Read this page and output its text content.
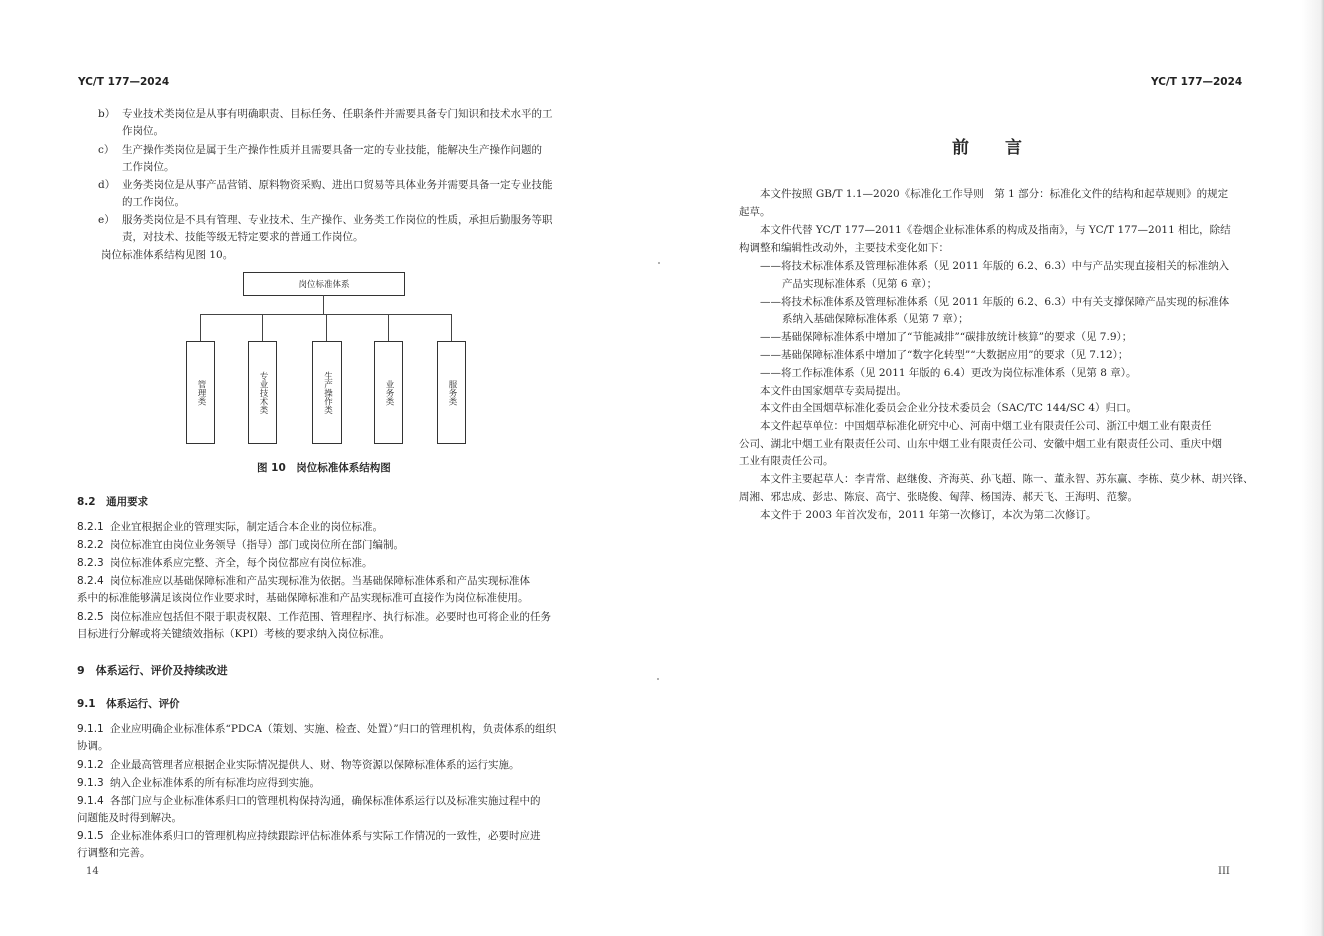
YC/T 177—2024
b） 专业技术类岗位是从事有明确职责、目标任务、任职条件并需要具备专门知识和技术水平的工
作岗位。
c） 生产操作类岗位是属于生产操作性质并且需要具备一定的专业技能，能解决生产操作问题的
工作岗位。
d） 业务类岗位是从事产品营销、原料物资采购、进出口贸易等具体业务并需要具备一定专业技能
的工作岗位。
e） 服务类岗位是不具有管理、专业技术、生产操作、业务类工作岗位的性质，承担后勤服务等职
责，对技术、技能等级无特定要求的普通工作岗位。
岗位标准体系结构见图 10。
岗位标准体系
管理类	专业技术类	生产操作类	业务类	服务类
图 10　岗位标准体系结构图
8.2　通用要求
8.2.1 企业宜根据企业的管理实际，制定适合本企业的岗位标准。
8.2.2 岗位标准宜由岗位业务领导（指导）部门或岗位所在部门编制。
8.2.3 岗位标准体系应完整、齐全，每个岗位都应有岗位标准。
8.2.4 岗位标准应以基础保障标准和产品实现标准为依据。当基础保障标准体系和产品实现标准体
系中的标准能够满足该岗位作业要求时，基础保障标准和产品实现标准可直接作为岗位标准使用。
8.2.5 岗位标准应包括但不限于职责权限、工作范围、管理程序、执行标准。必要时也可将企业的任务
目标进行分解或将关键绩效指标（KPI）考核的要求纳入岗位标准。
9　体系运行、评价及持续改进
9.1　体系运行、评价
9.1.1 企业应明确企业标准体系“PDCA（策划、实施、检查、处置）”归口的管理机构，负责体系的组织
协调。
9.1.2 企业最高管理者应根据企业实际情况提供人、财、物等资源以保障标准体系的运行实施。
9.1.3 纳入企业标准体系的所有标准均应得到实施。
9.1.4 各部门应与企业标准体系归口的管理机构保持沟通，确保标准体系运行以及标准实施过程中的
问题能及时得到解决。
9.1.5 企业标准体系归口的管理机构应持续跟踪评估标准体系与实际工作情况的一致性，必要时应进
行调整和完善。
14
YC/T 177—2024
前言
本文件按照 GB/T 1.1—2020《标准化工作导则　第 1 部分：标准化文件的结构和起草规则》的规定
起草。
本文件代替 YC/T 177—2011《卷烟企业标准体系的构成及指南》，与 YC/T 177—2011 相比，除结
构调整和编辑性改动外，主要技术变化如下：
——将技术标准体系及管理标准体系（见 2011 年版的 6.2、6.3）中与产品实现直接相关的标准纳入
产品实现标准体系（见第 6 章）；
——将技术标准体系及管理标准体系（见 2011 年版的 6.2、6.3）中有关支撑保障产品实现的标准体
系纳入基础保障标准体系（见第 7 章）；
——基础保障标准体系中增加了“节能减排”“碳排放统计核算”的要求（见 7.9）；
——基础保障标准体系中增加了“数字化转型”“大数据应用”的要求（见 7.12）；
——将工作标准体系（见 2011 年版的 6.4）更改为岗位标准体系（见第 8 章）。
本文件由国家烟草专卖局提出。
本文件由全国烟草标准化委员会企业分技术委员会（SAC/TC 144/SC 4）归口。
本文件起草单位：中国烟草标准化研究中心、河南中烟工业有限责任公司、浙江中烟工业有限责任
公司、湖北中烟工业有限责任公司、山东中烟工业有限责任公司、安徽中烟工业有限责任公司、重庆中烟
工业有限责任公司。
本文件主要起草人：李青常、赵继俊、齐海英、孙飞超、陈一、董永智、苏东赢、李栋、莫少林、胡兴锋、
周湘、邪忠成、彭忠、陈宸、高宁、张晓俊、匈萍、杨国涛、郝天飞、王海明、范黎。
本文件于 2003 年首次发布，2011 年第一次修订，本次为第二次修订。
III
